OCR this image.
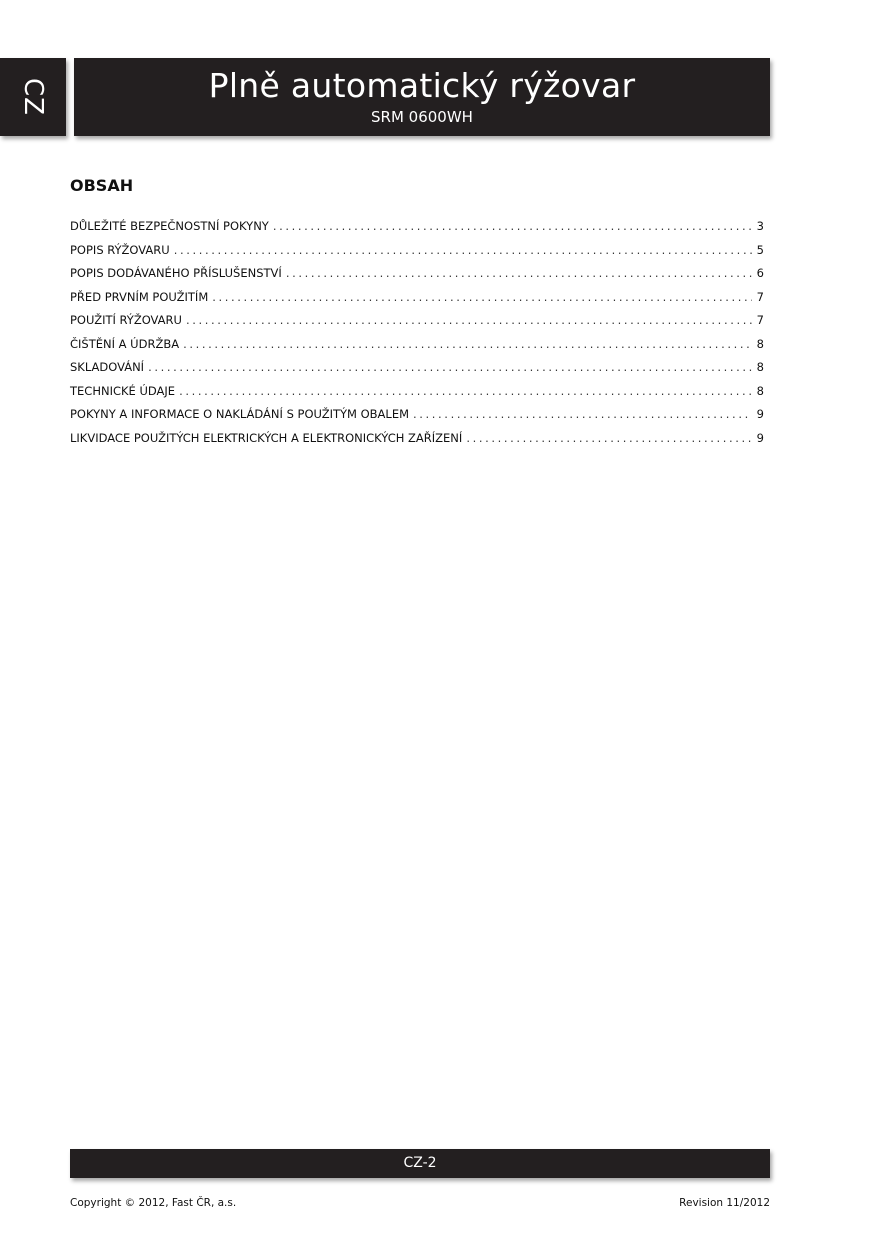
CZ	Plně automatický rýžovar
SRM 0600WH
OBSAH
DŮLEŽITÉ BEZPEČNOSTNÍ POKYNY .....	3
POPIS RÝŽOVARU .....	5
POPIS DODÁVANÉHO PŘÍSLUŠENSTVÍ .....	6
PŘED PRVNÍM POUŽITÍM .....	7
POUŽITÍ RÝŽOVARU .....	7
ČIŠTĚNÍ A ÚDRŽBA .....	8
SKLADOVÁNÍ .....	8
TECHNICKÉ ÚDAJE .....	8
POKYNY A INFORMACE O NAKLÁDÁNÍ S POUŽITÝM OBALEM .....	9
LIKVIDACE POUŽITÝCH ELEKTRICKÝCH A ELEKTRONICKÝCH ZAŘÍZENÍ .....	9
CZ-2
Copyright © 2012, Fast ČR, a.s.	Revision 11/2012
